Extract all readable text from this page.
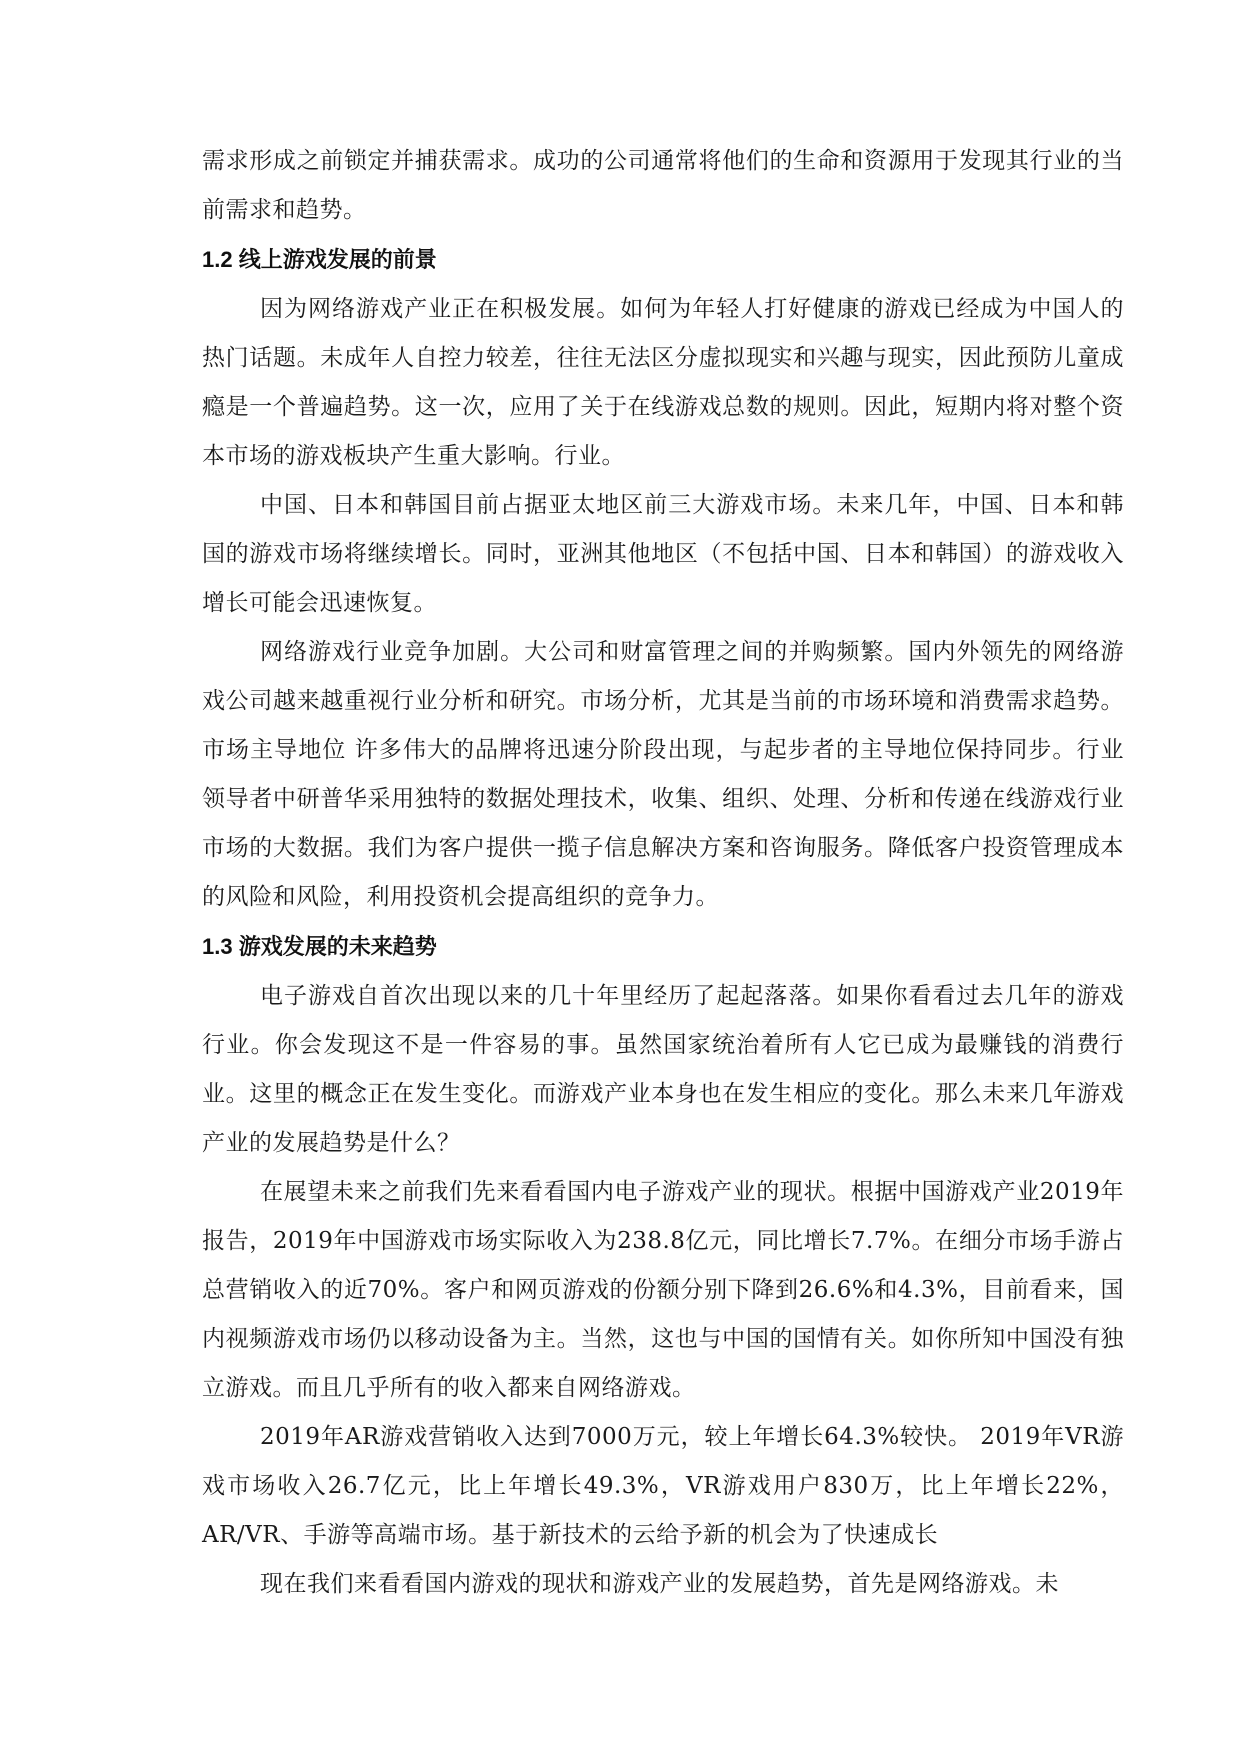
需求形成之前锁定并捕获需求。成功的公司通常将他们的生命和资源用于发现其行业的当前需求和趋势。

1.2 线上游戏发展的前景

因为网络游戏产业正在积极发展。如何为年轻人打好健康的游戏已经成为中国人的热门话题。未成年人自控力较差，往往无法区分虚拟现实和兴趣与现实，因此预防儿童成瘾是一个普遍趋势。这一次，应用了关于在线游戏总数的规则。因此，短期内将对整个资本市场的游戏板块产生重大影响。行业。

中国、日本和韩国目前占据亚太地区前三大游戏市场。未来几年，中国、日本和韩国的游戏市场将继续增长。同时，亚洲其他地区（不包括中国、日本和韩国）的游戏收入增长可能会迅速恢复。

网络游戏行业竞争加剧。大公司和财富管理之间的并购频繁。国内外领先的网络游戏公司越来越重视行业分析和研究。市场分析，尤其是当前的市场环境和消费需求趋势。市场主导地位 许多伟大的品牌将迅速分阶段出现，与起步者的主导地位保持同步。行业领导者中研普华采用独特的数据处理技术，收集、组织、处理、分析和传递在线游戏行业市场的大数据。我们为客户提供一揽子信息解决方案和咨询服务。降低客户投资管理成本的风险和风险，利用投资机会提高组织的竞争力。

1.3 游戏发展的未来趋势

电子游戏自首次出现以来的几十年里经历了起起落落。如果你看看过去几年的游戏行业。你会发现这不是一件容易的事。虽然国家统治着所有人它已成为最赚钱的消费行业。这里的概念正在发生变化。而游戏产业本身也在发生相应的变化。那么未来几年游戏产业的发展趋势是什么？

在展望未来之前我们先来看看国内电子游戏产业的现状。根据中国游戏产业2019年报告，2019年中国游戏市场实际收入为238.8亿元，同比增长7.7%。在细分市场手游占总营销收入的近70%。客户和网页游戏的份额分别下降到26.6%和4.3%，目前看来，国内视频游戏市场仍以移动设备为主。当然，这也与中国的国情有关。如你所知中国没有独立游戏。而且几乎所有的收入都来自网络游戏。

2019年AR游戏营销收入达到7000万元，较上年增长64.3%较快。 2019年VR游戏市场收入26.7亿元，比上年增长49.3%，VR游戏用户830万，比上年增长22%，AR/VR、手游等高端市场。基于新技术的云给予新的机会为了快速成长

现在我们来看看国内游戏的现状和游戏产业的发展趋势，首先是网络游戏。未
